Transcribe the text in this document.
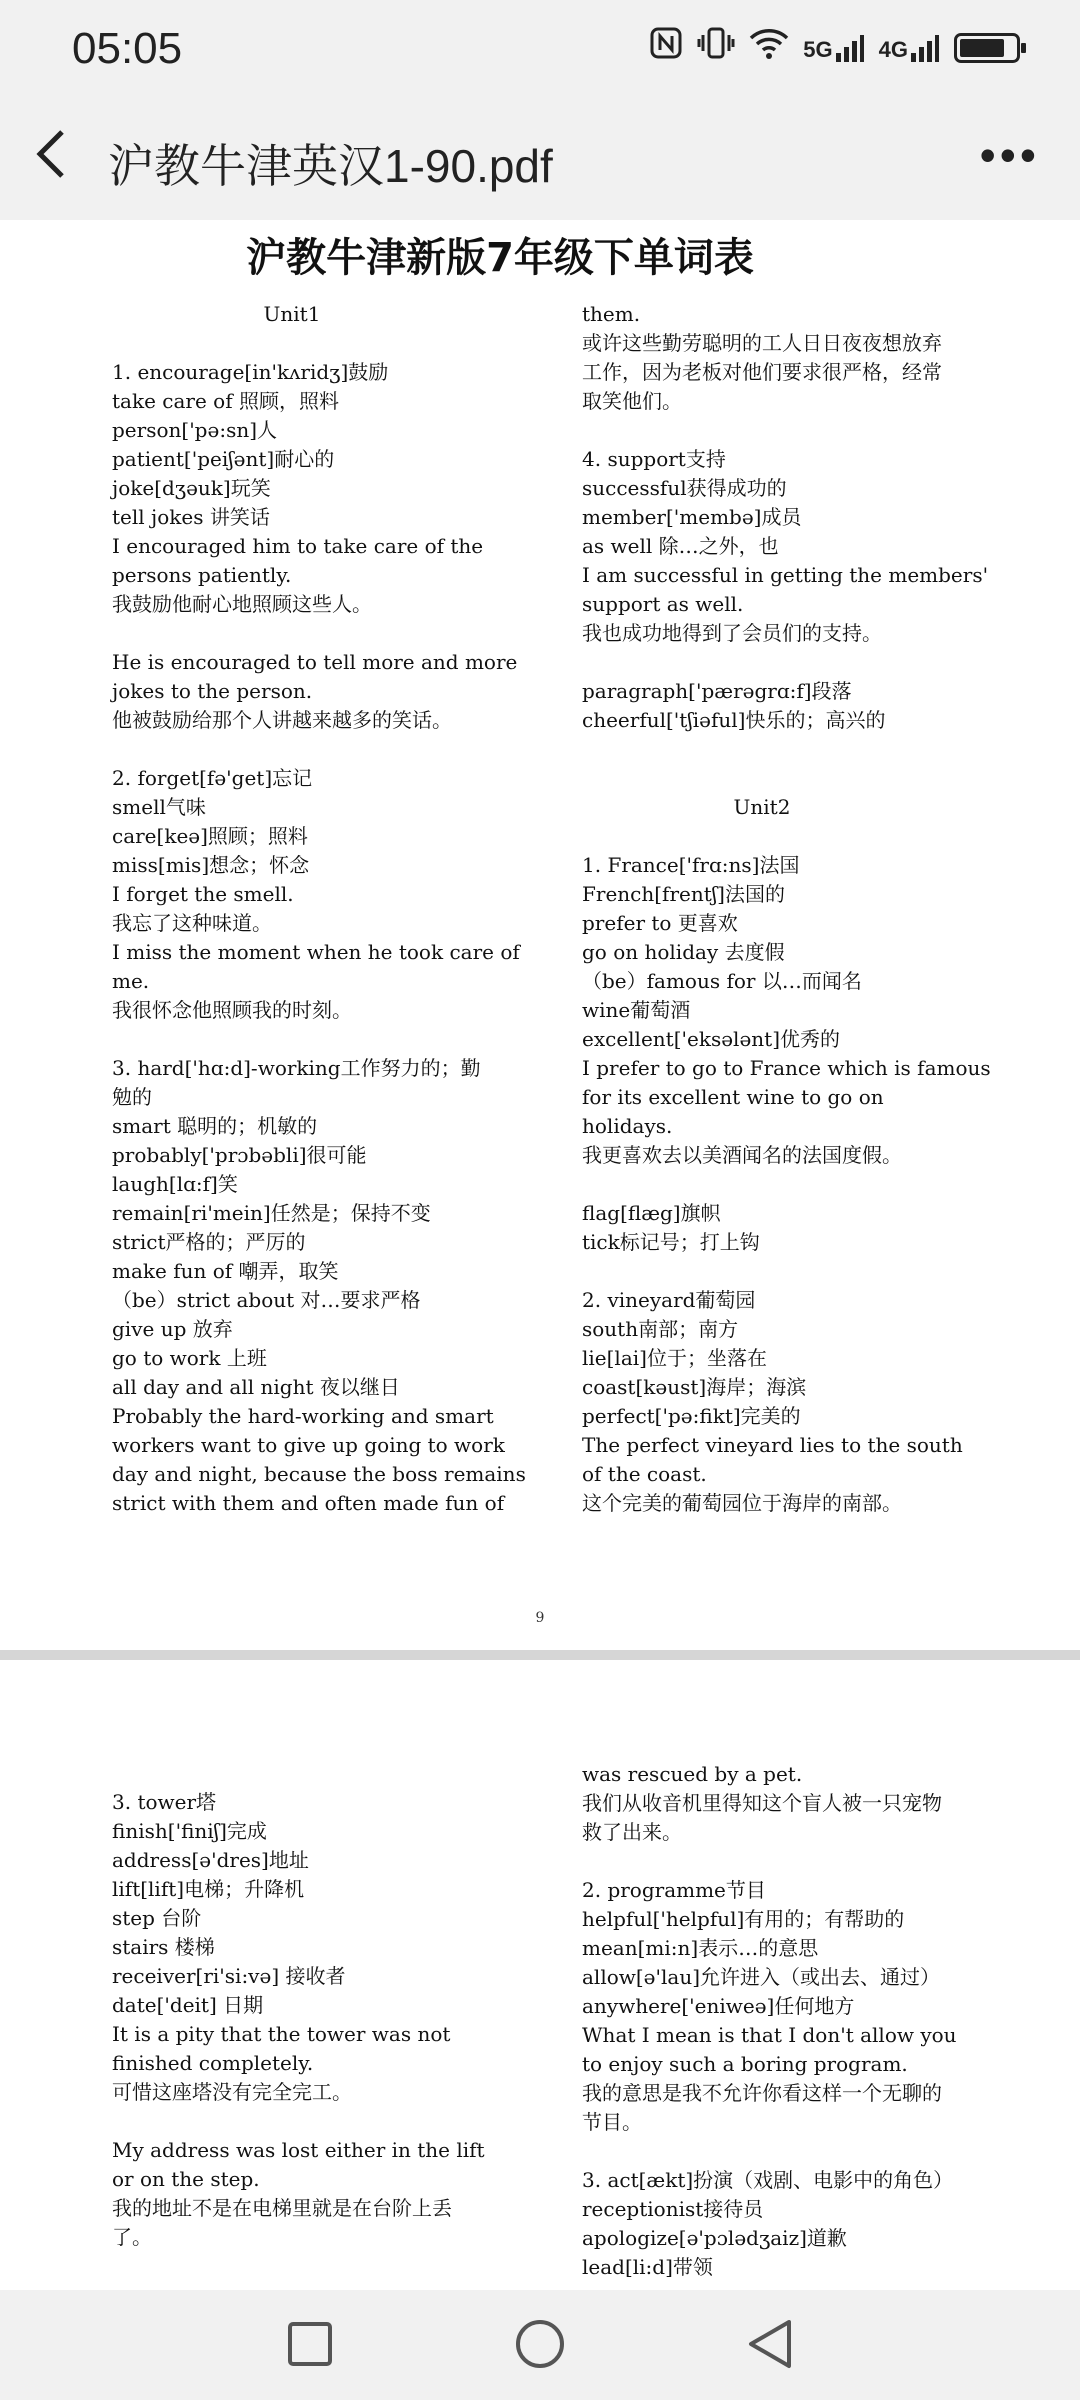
05:05	5G 4G
沪教牛津英汉1-90.pdf	•••
沪教牛津新版7年级下单词表
Unit1
1. encourage[in'kʌridʒ]鼓励
take care of 照顾，照料
person['pə:sn]人
patient['peiʃənt]耐心的
joke[dʒəuk]玩笑
tell jokes 讲笑话
I encouraged him to take care of the
persons patiently.
我鼓励他耐心地照顾这些人。
He is encouraged to tell more and more
jokes to the person.
他被鼓励给那个人讲越来越多的笑话。
2. forget[fə'get]忘记
smell气味
care[keə]照顾；照料
miss[mis]想念；怀念
I forget the smell.
我忘了这种味道。
I miss the moment when he took care of
me.
我很怀念他照顾我的时刻。
3. hard['hɑ:d]-working工作努力的；勤
勉的
smart 聪明的；机敏的
probably['prɔbəbli]很可能
laugh[lɑ:f]笑
remain[ri'mein]任然是；保持不变
strict严格的；严厉的
make fun of 嘲弄，取笑
（be）strict about 对…要求严格
give up 放弃
go to work 上班
all day and all night 夜以继日
Probably the hard-working and smart
workers want to give up going to work
day and night, because the boss remains
strict with them and often made fun of
them.
或许这些勤劳聪明的工人日日夜夜想放弃
工作，因为老板对他们要求很严格，经常
取笑他们。
4. support支持
successful获得成功的
member['membə]成员
as well 除…之外，也
I am successful in getting the members'
support as well.
我也成功地得到了会员们的支持。
paragraph['pærəgrɑ:f]段落
cheerful['tʃiəful]快乐的；高兴的
Unit2
1. France['frɑ:ns]法国
French[frentʃ]法国的
prefer to 更喜欢
go on holiday 去度假
（be）famous for 以…而闻名
wine葡萄酒
excellent['eksələnt]优秀的
I prefer to go to France which is famous
for its excellent wine to go on
holidays.
我更喜欢去以美酒闻名的法国度假。
flag[flæg]旗帜
tick标记号；打上钩
2. vineyard葡萄园
south南部；南方
lie[lai]位于；坐落在
coast[kəust]海岸；海滨
perfect['pə:fikt]完美的
The perfect vineyard lies to the south
of the coast.
这个完美的葡萄园位于海岸的南部。
9
3. tower塔
finish['finiʃ]完成
address[ə'dres]地址
lift[lift]电梯；升降机
step 台阶
stairs 楼梯
receiver[ri'si:və] 接收者
date['deit] 日期
It is a pity that the tower was not
finished completely.
可惜这座塔没有完全完工。
My address was lost either in the lift
or on the step.
我的地址不是在电梯里就是在台阶上丢
了。
was rescued by a pet.
我们从收音机里得知这个盲人被一只宠物
救了出来。
2. programme节目
helpful['helpful]有用的；有帮助的
mean[mi:n]表示…的意思
allow[ə'lau]允许进入（或出去、通过）
anywhere['eniweə]任何地方
What I mean is that I don't allow you
to enjoy such a boring program.
我的意思是我不允许你看这样一个无聊的
节目。
3. act[ækt]扮演（戏剧、电影中的角色）
receptionist接待员
apologize[ə'pɔlədʒaiz]道歉
lead[li:d]带领
